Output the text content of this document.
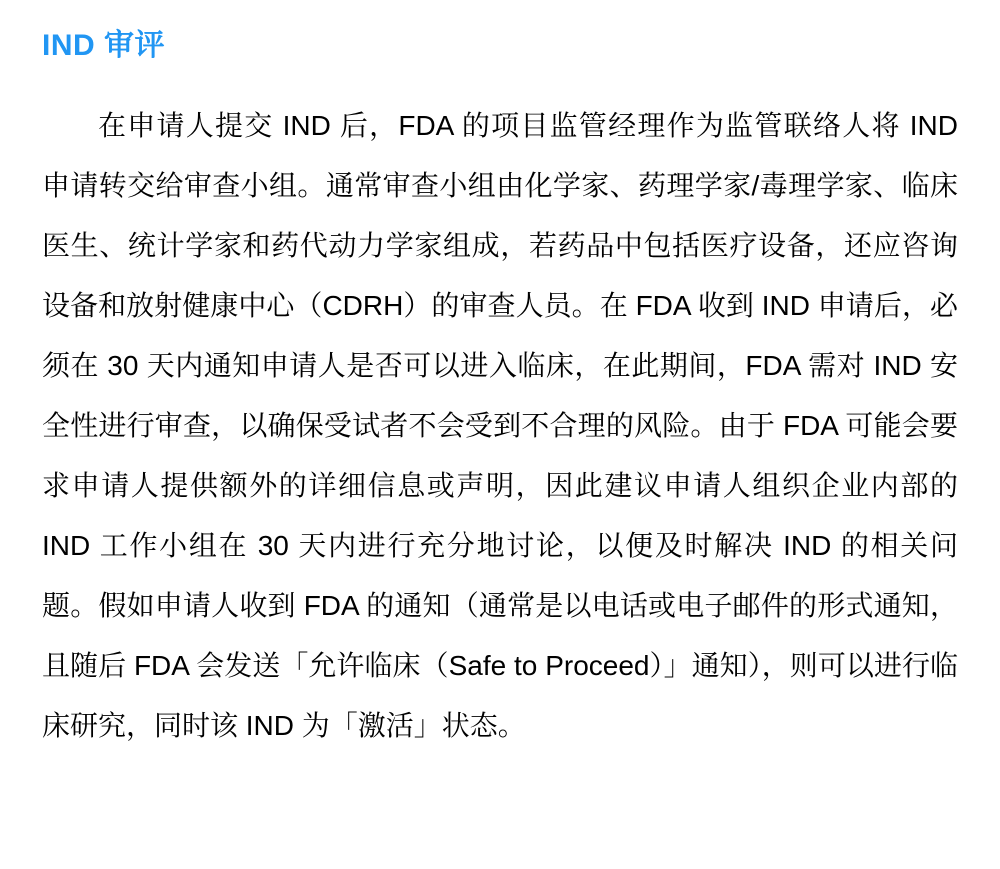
IND 审评

在申请人提交 IND 后，FDA 的项目监管经理作为监管联络人将 IND 申请转交给审查小组。通常审查小组由化学家、药理学家/毒理学家、临床医生、统计学家和药代动力学家组成，若药品中包括医疗设备，还应咨询设备和放射健康中心（CDRH）的审查人员。在 FDA 收到 IND 申请后，必须在 30 天内通知申请人是否可以进入临床，在此期间，FDA 需对 IND 安全性进行审查，以确保受试者不会受到不合理的风险。由于 FDA 可能会要求申请人提供额外的详细信息或声明，因此建议申请人组织企业内部的 IND 工作小组在 30 天内进行充分地讨论，以便及时解决 IND 的相关问题。假如申请人收到 FDA 的通知（通常是以电话或电子邮件的形式通知，且随后 FDA 会发送「允许临床（Safe to Proceed）」通知），则可以进行临床研究，同时该 IND 为「激活」状态。
